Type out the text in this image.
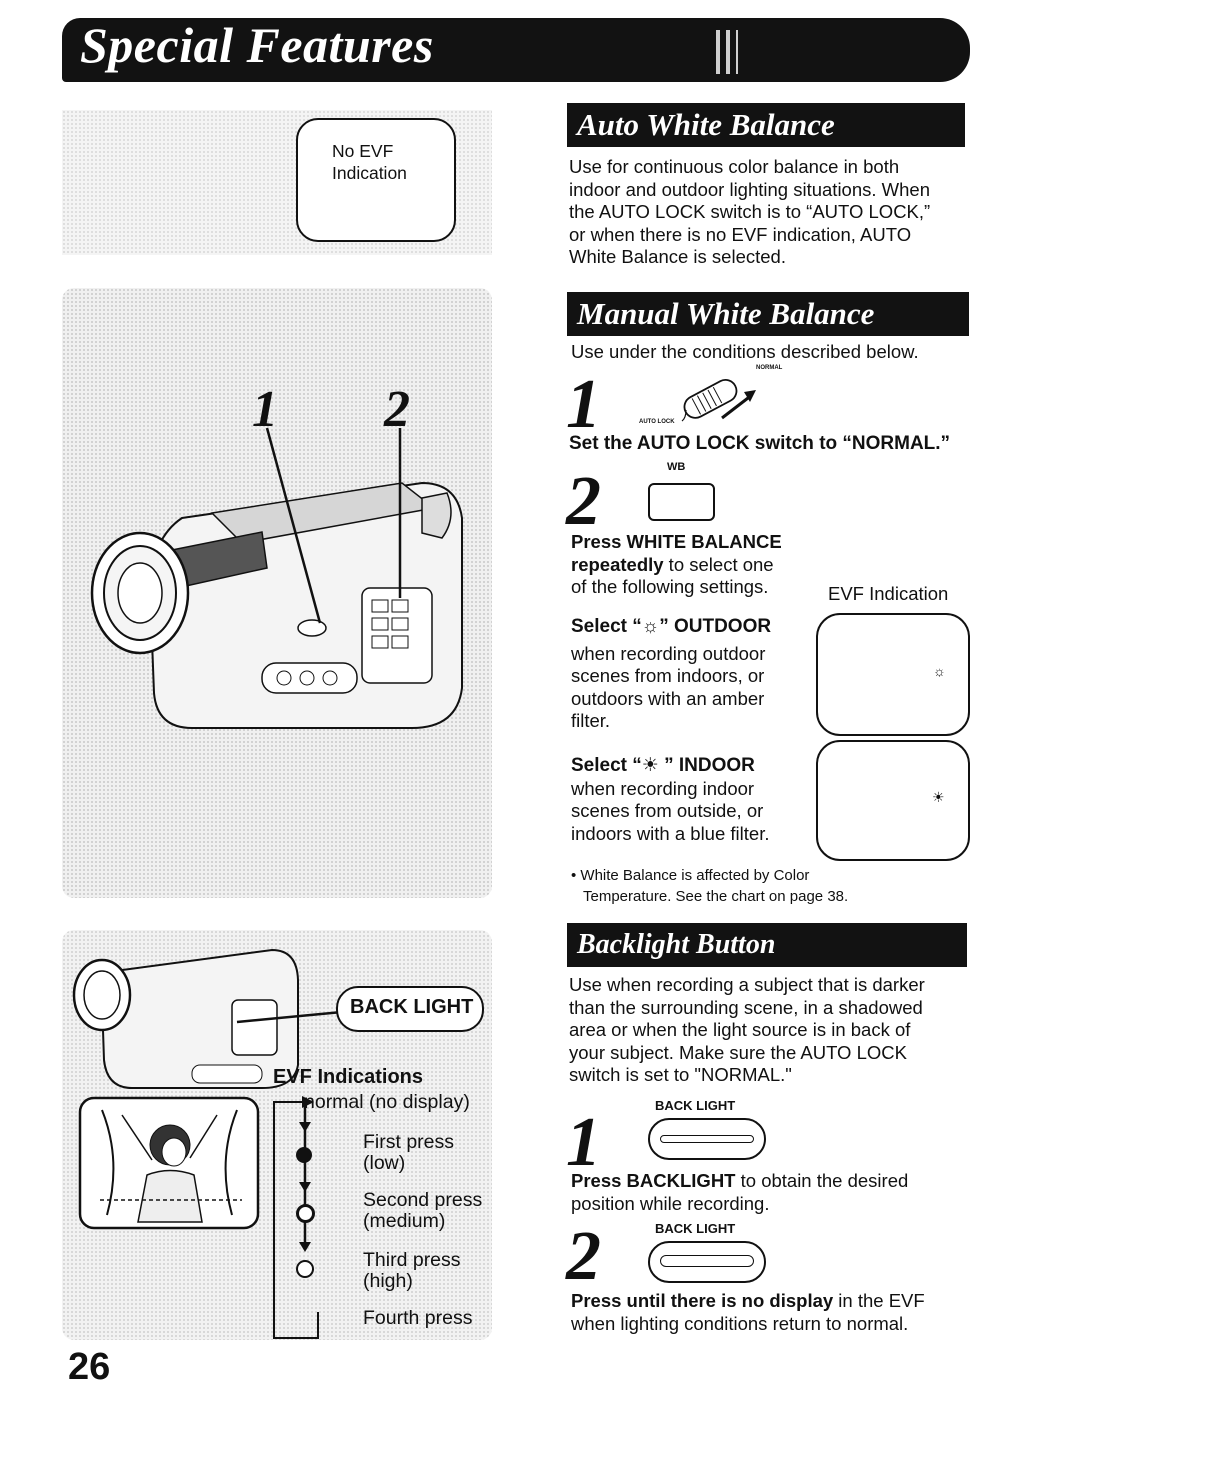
Special Features
No EVF
Indication
1 2
BACK LIGHT
EVF Indications
normal (no display)
First press
(low)
Second press
(medium)
Third press
(high)
Fourth press
26
Auto White Balance
Use for continuous color balance in both
indoor and outdoor lighting situations. When
the AUTO LOCK switch is to “AUTO LOCK,”
or when there is no EVF indication, AUTO
White Balance is selected.
Manual White Balance
Use under the conditions described below.
1	NORMAL
AUTO LOCK
Set the AUTO LOCK switch to “NORMAL.”
WB
2
Press WHITE BALANCE
repeatedly to select one
of the following settings.	EVF Indication
Select “☼” OUTDOOR
when recording outdoor
scenes from indoors, or
outdoors with an amber
filter.
☼
Select “☀ ” INDOOR
when recording indoor
scenes from outside, or
indoors with a blue filter.
☀
• White Balance is affected by Color
Temperature. See the chart on page 38.
Backlight Button
Use when recording a subject that is darker
than the surrounding scene, in a shadowed
area or when the light source is in back of
your subject. Make sure the AUTO LOCK
switch is set to "NORMAL."
1	BACK LIGHT
Press BACKLIGHT to obtain the desired
position while recording.
2	BACK LIGHT
Press until there is no display in the EVF
when lighting conditions return to normal.
